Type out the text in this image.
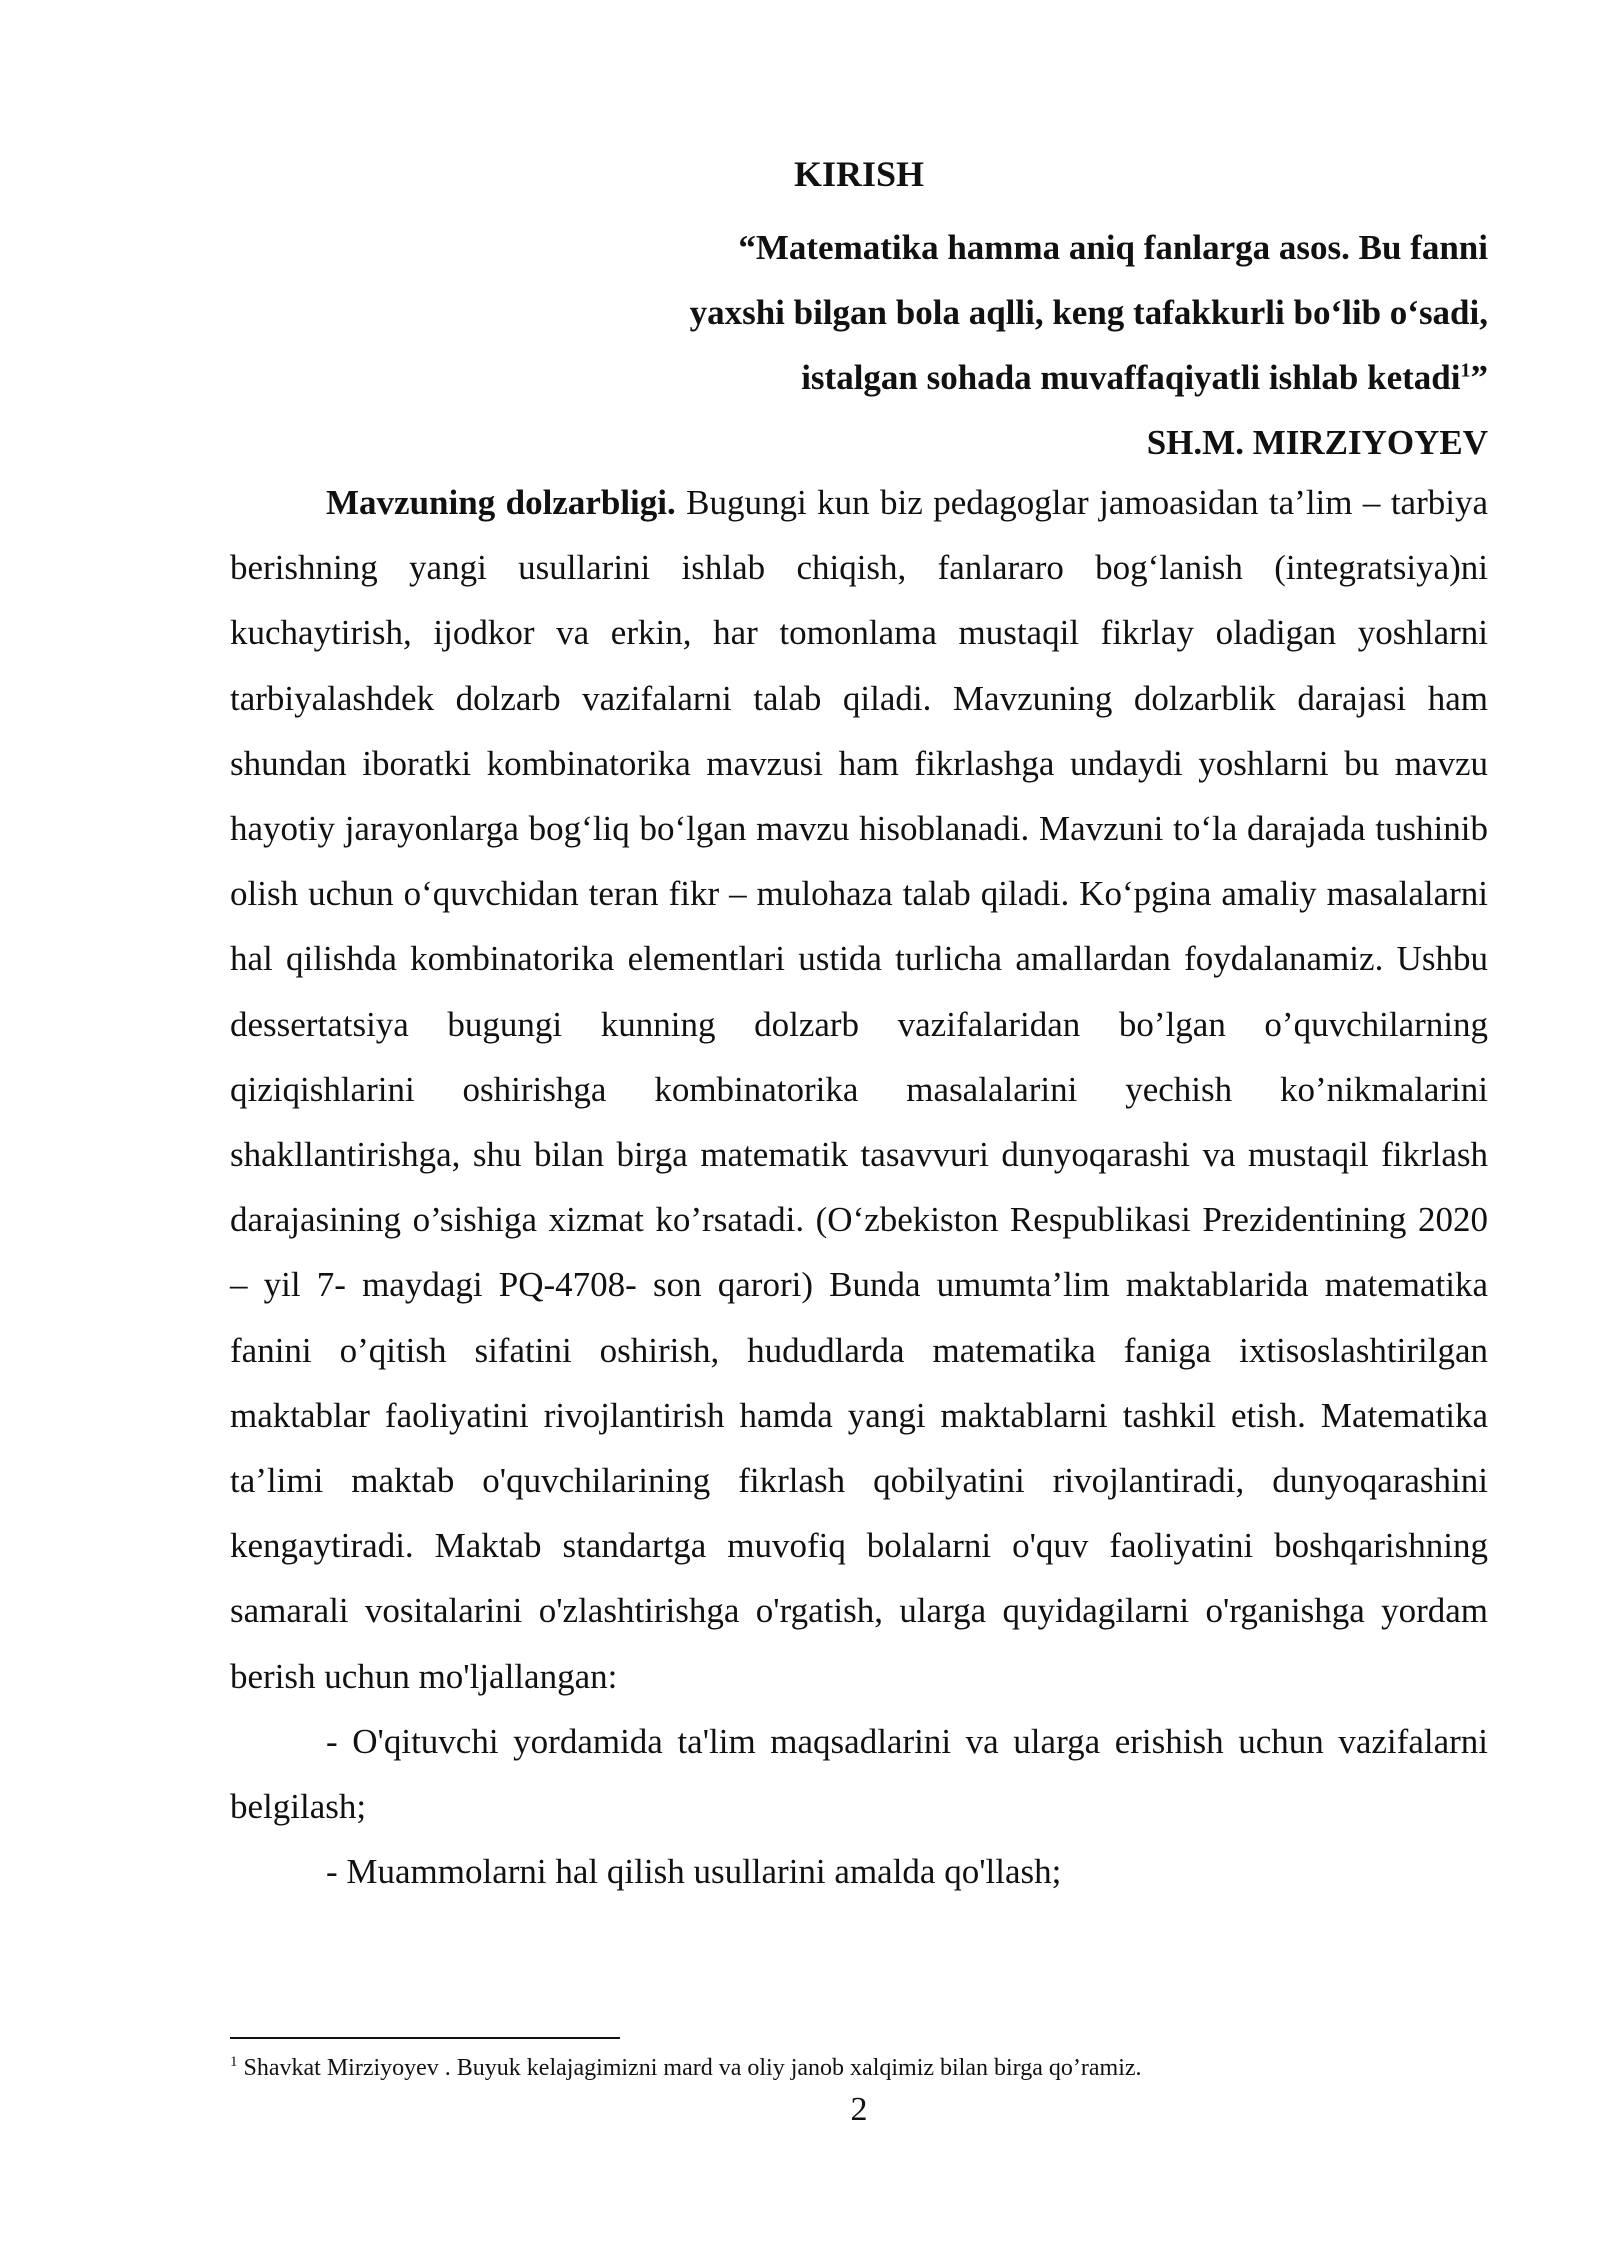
KIRISH
“Matematika hamma aniq fanlarga asos. Bu fanni
yaxshi bilgan bola aqlli, keng tafakkurli bo‘lib o‘sadi,
istalgan sohada muvaffaqiyatli ishlab ketadi$^1$”
SH.M. MIRZIYOYEV

Mavzuning dolzarbligi. Bugungi kun biz pedagoglar jamoasidan ta’lim – tarbiya berishning yangi usullarini ishlab chiqish, fanlararo bog‘lanish (integratsiya)ni kuchaytirish, ijodkor va erkin, har tomonlama mustaqil fikrlay oladigan yoshlarni tarbiyalashdek dolzarb vazifalarni talab qiladi. Mavzuning dolzarblik darajasi ham shundan iboratki kombinatorika mavzusi ham fikrlashga undaydi yoshlarni bu mavzu hayotiy jarayonlarga bog‘liq bo‘lgan mavzu hisoblanadi. Mavzuni to‘la darajada tushinib olish uchun o‘quvchidan teran fikr – mulohaza talab qiladi. Ko‘pgina amaliy masalalarni hal qilishda kombinatorika elementlari ustida turlicha amallardan foydalanamiz. Ushbu dessertatsiya bugungi kunning dolzarb vazifalaridan bo’lgan o’quvchilarning qiziqishlarini oshirishga kombinatorika masalalarini yechish ko’nikmalarini shakllantirishga, shu bilan birga matematik tasavvuri dunyoqarashi va mustaqil fikrlash darajasining o’sishiga xizmat ko’rsatadi. (O‘zbekiston Respublikasi Prezidentining 2020 – yil 7- maydagi PQ-4708- son qarori) Bunda umumta’lim maktablarida matematika fanini o’qitish sifatini oshirish, hududlarda matematika faniga ixtisoslashtirilgan maktablar faoliyatini rivojlantirish hamda yangi maktablarni tashkil etish. Matematika ta’limi maktab o'quvchilarining fikrlash qobilyatini rivojlantiradi, dunyoqarashini kengaytiradi. Maktab standartga muvofiq bolalarni o'quv faoliyatini boshqarishning samarali vositalarini o'zlashtirishga o'rgatish, ularga quyidagilarni o'rganishga yordam berish uchun mo'ljallangan:

- O'qituvchi yordamida ta'lim maqsadlarini va ularga erishish uchun vazifalarni belgilash;

- Muammolarni hal qilish usullarini amalda qo'llash;

$^1$ Shavkat Mirziyoyev . Buyuk kelajagimizni mard va oliy janob xalqimiz bilan birga qo’ramiz.
2
